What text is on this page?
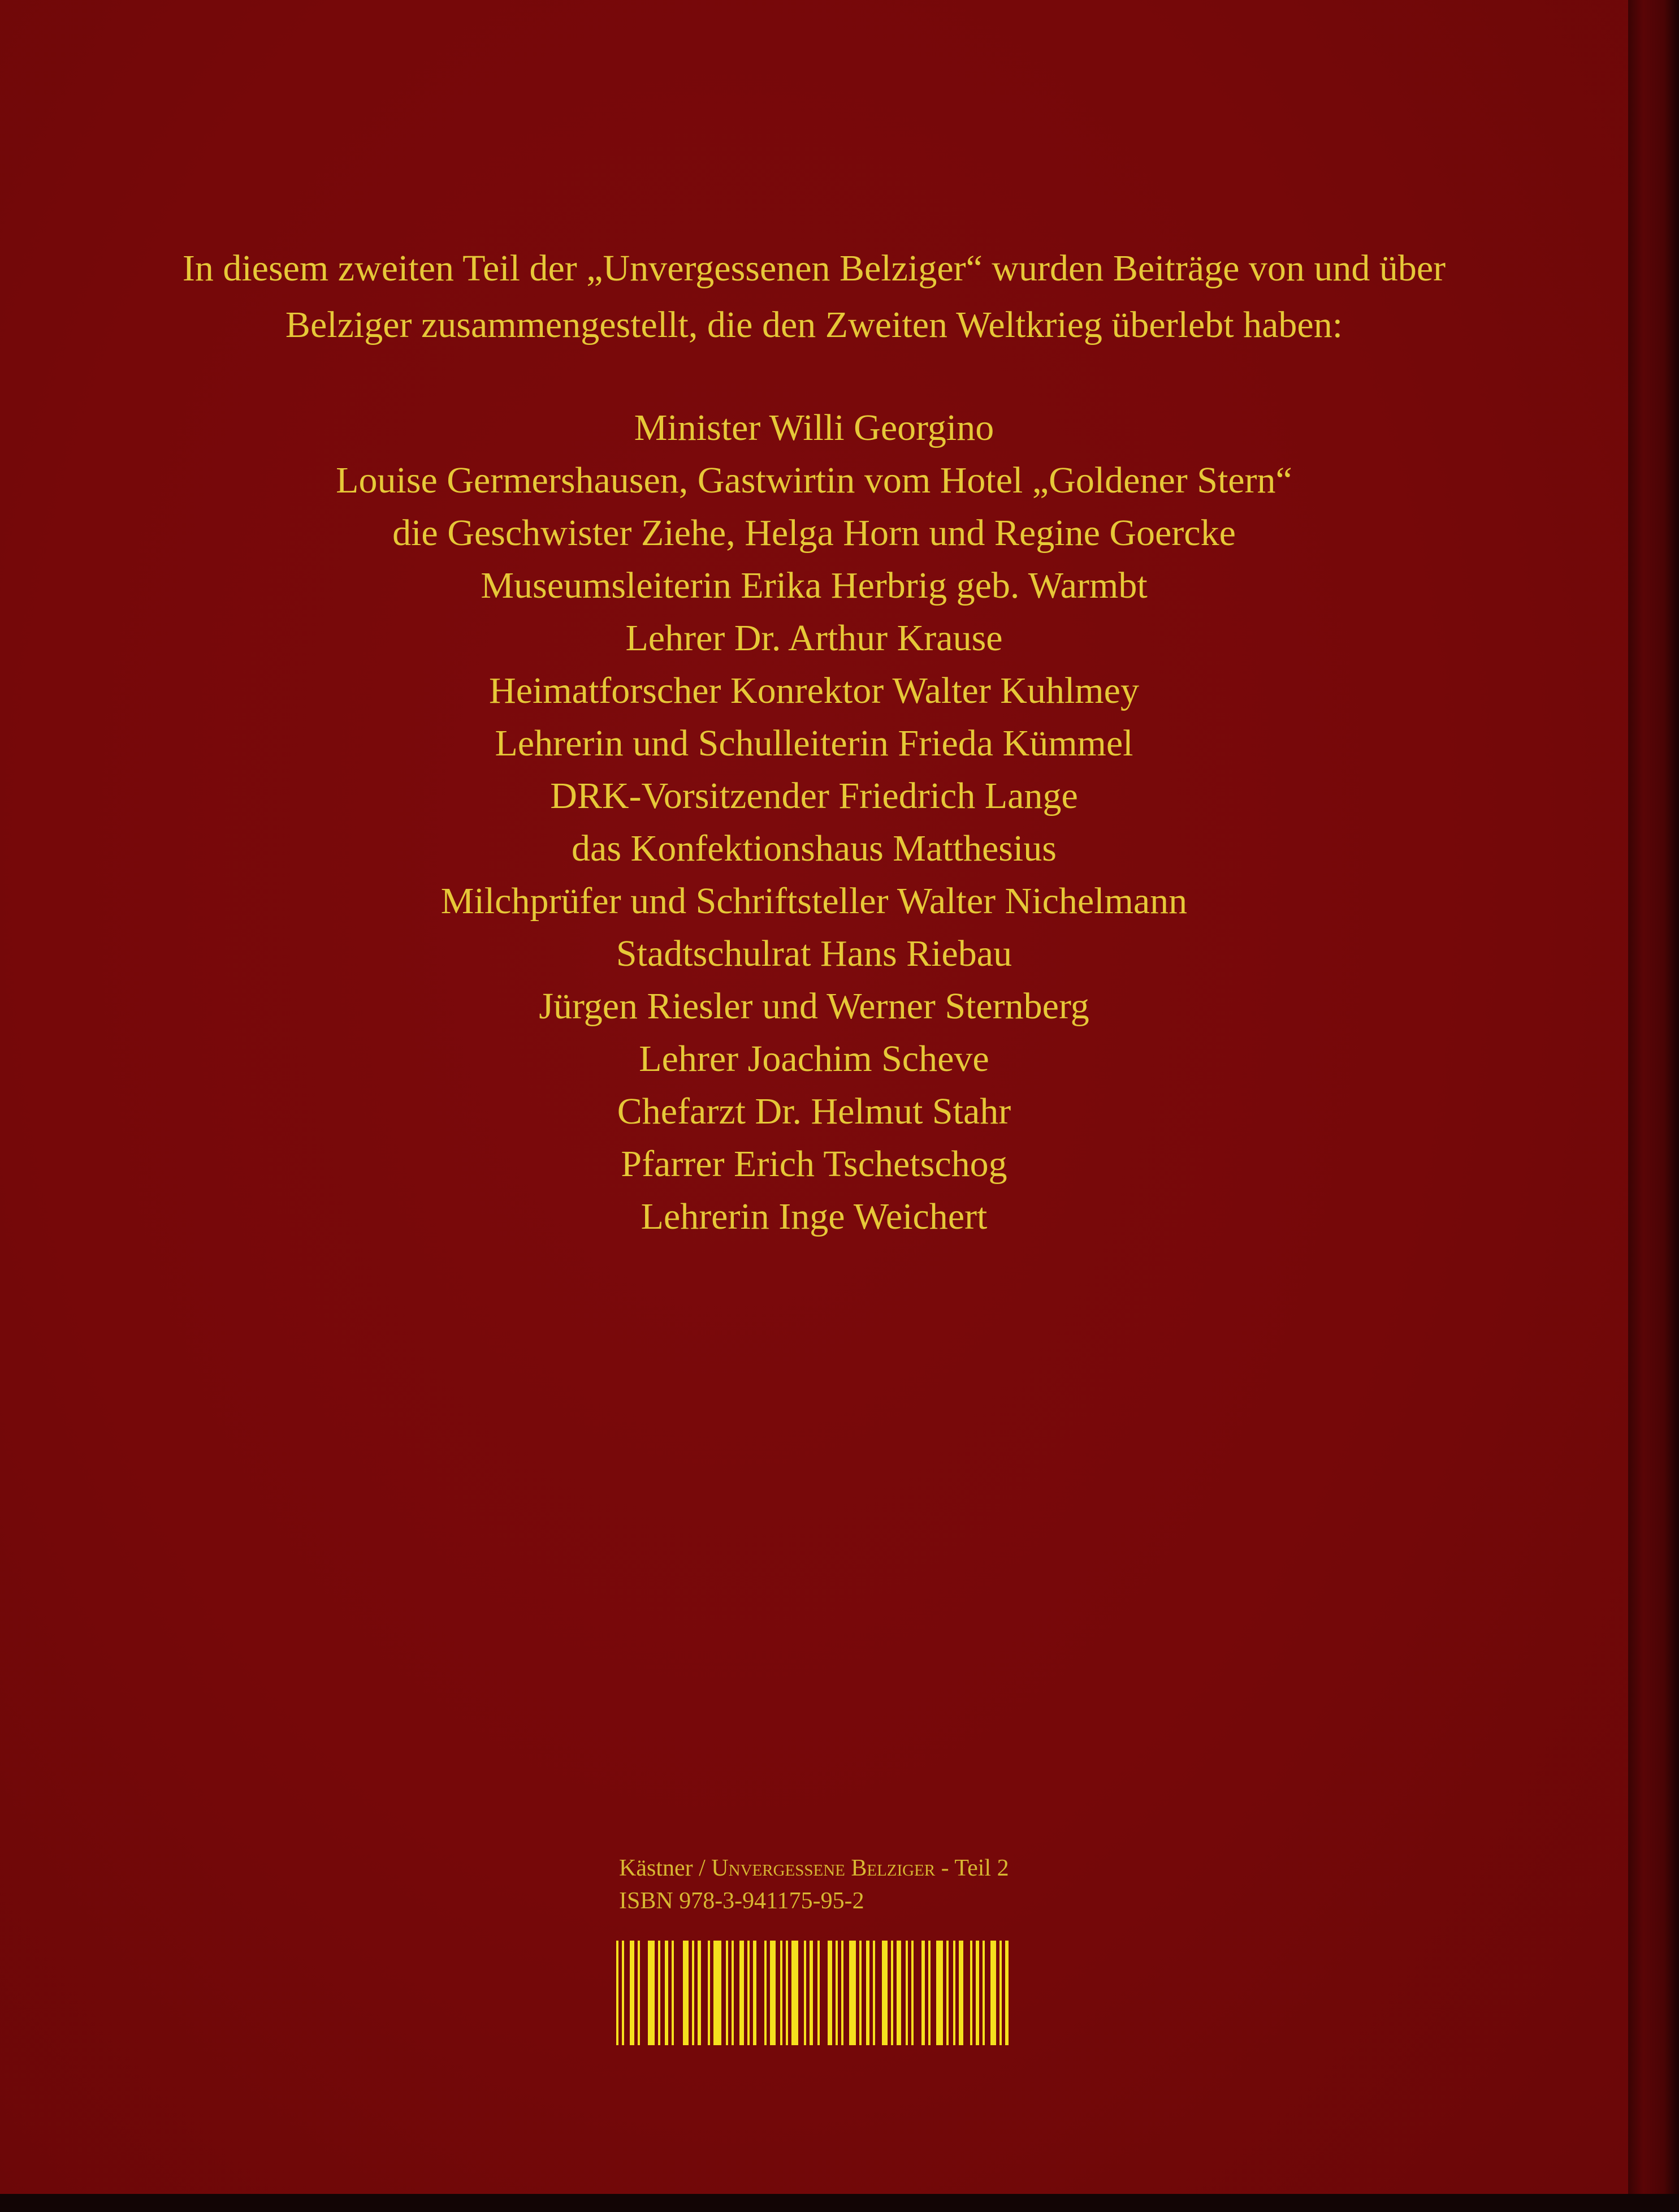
In diesem zweiten Teil der „Unvergessenen Belziger“ wurden Beiträge von und über
Belziger zusammengestellt, die den Zweiten Weltkrieg überlebt haben:

Minister Willi Georgino
Louise Germershausen, Gastwirtin vom Hotel „Goldener Stern“
die Geschwister Ziehe, Helga Horn und Regine Goercke
Museumsleiterin Erika Herbrig geb. Warmbt
Lehrer Dr. Arthur Krause
Heimatforscher Konrektor Walter Kuhlmey
Lehrerin und Schulleiterin Frieda Kümmel
DRK-Vorsitzender Friedrich Lange
das Konfektionshaus Matthesius
Milchprüfer und Schriftsteller Walter Nichelmann
Stadtschulrat Hans Riebau
Jürgen Riesler und Werner Sternberg
Lehrer Joachim Scheve
Chefarzt Dr. Helmut Stahr
Pfarrer Erich Tschetschog
Lehrerin Inge Weichert
Kästner / Unvergessene Belziger - Teil 2
ISBN 978-3-941175-95-2
